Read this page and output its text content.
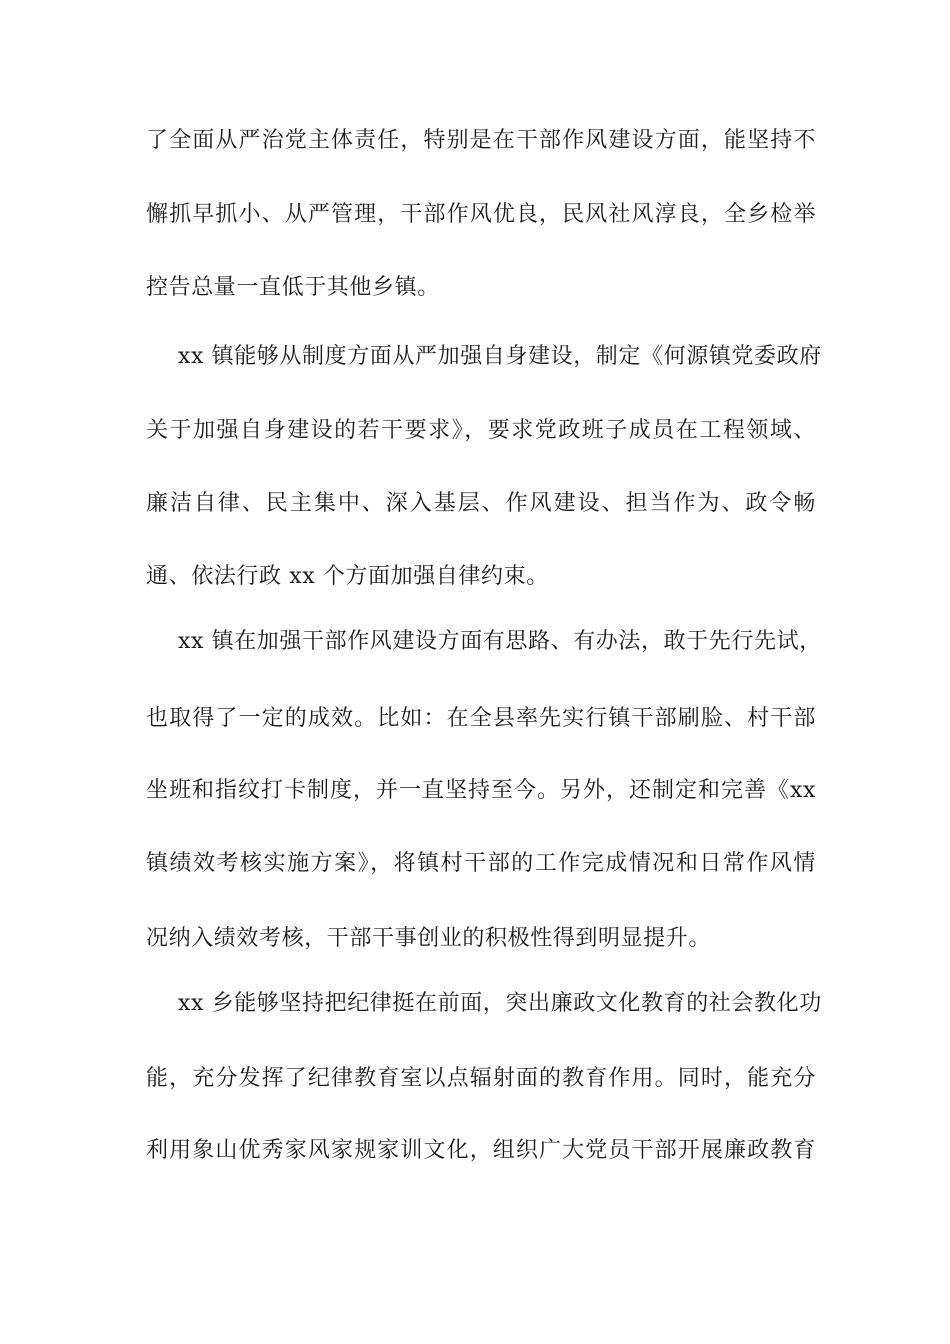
了全面从严治党主体责任，特别是在干部作风建设方面，能坚持不
懈抓早抓小、从严管理，干部作风优良，民风社风淳良，全乡检举
控告总量一直低于其他乡镇。
xx 镇能够从制度方面从严加强自身建设，制定《何源镇党委政府
关于加强自身建设的若干要求》，要求党政班子成员在工程领域、
廉洁自律、民主集中、深入基层、作风建设、担当作为、政令畅
通、依法行政 xx 个方面加强自律约束。
xx 镇在加强干部作风建设方面有思路、有办法，敢于先行先试，
也取得了一定的成效。比如：在全县率先实行镇干部刷脸、村干部
坐班和指纹打卡制度，并一直坚持至今。另外，还制定和完善《xx
镇绩效考核实施方案》，将镇村干部的工作完成情况和日常作风情
况纳入绩效考核，干部干事创业的积极性得到明显提升。
xx 乡能够坚持把纪律挺在前面，突出廉政文化教育的社会教化功
能，充分发挥了纪律教育室以点辐射面的教育作用。同时，能充分
利用象山优秀家风家规家训文化，组织广大党员干部开展廉政教育
